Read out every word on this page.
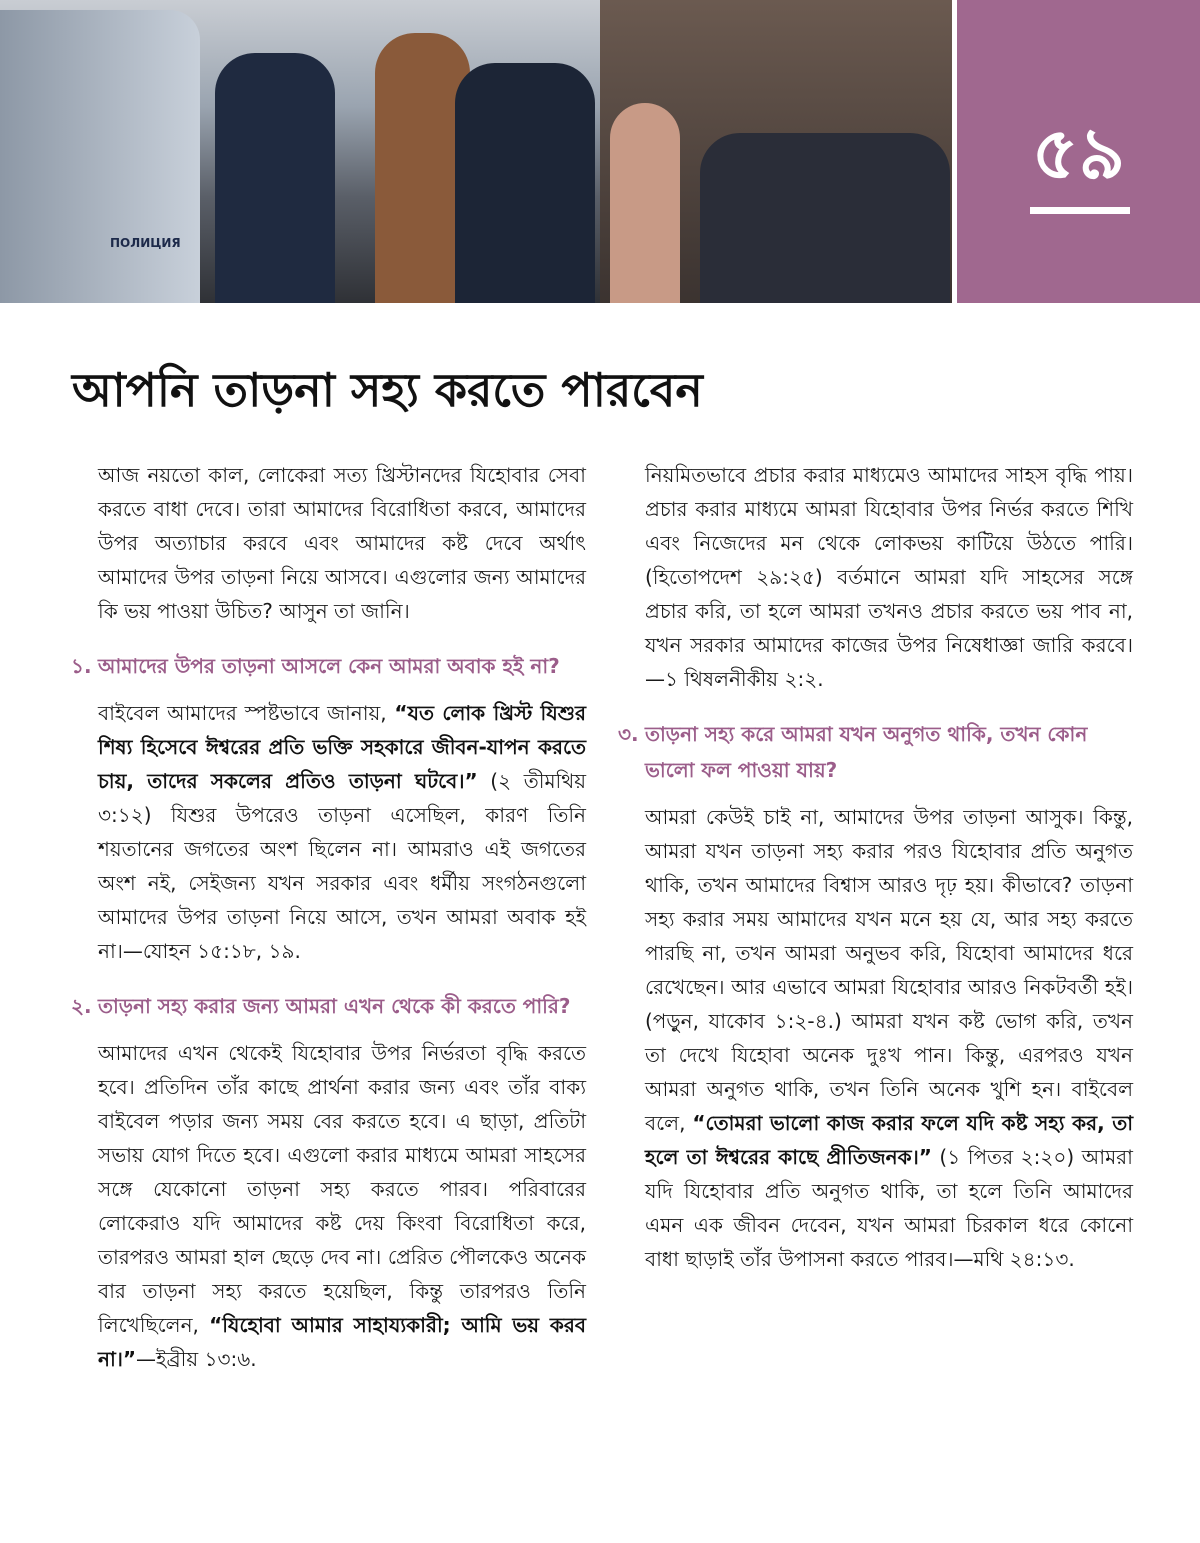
ПОЛИЦИЯ
৫৯
আপনি তাড়না সহ্য করতে পারবেন

আজ নয়তো কাল, লোকেরা সত্য খ্রিস্টানদের যিহোবার সেবা করতে বাধা দেবে। তারা আমাদের বিরোধিতা করবে, আমাদের উপর অত্যাচার করবে এবং আমাদের কষ্ট দেবে অর্থাৎ আমাদের উপর তাড়না নিয়ে আসবে। এগুলোর জন্য আমাদের কি ভয় পাওয়া উচিত? আসুন তা জানি।

১. আমাদের উপর তাড়না আসলে কেন আমরা অবাক হই না?

বাইবেল আমাদের স্পষ্টভাবে জানায়, “যত লোক খ্রিস্ট যিশুর শিষ্য হিসেবে ঈশ্বরের প্রতি ভক্তি সহকারে জীবন-যাপন করতে চায়, তাদের সকলের প্রতিও তাড়না ঘটবে।” (২ তীমথিয় ৩:১২) যিশুর উপরেও তাড়না এসেছিল, কারণ তিনি শয়তানের জগতের অংশ ছিলেন না। আমরাও এই জগতের অংশ নই, সেইজন্য যখন সরকার এবং ধর্মীয় সংগঠনগুলো আমাদের উপর তাড়না নিয়ে আসে, তখন আমরা অবাক হই না।—যোহন ১৫:১৮, ১৯.

২. তাড়না সহ্য করার জন্য আমরা এখন থেকে কী করতে পারি?

আমাদের এখন থেকেই যিহোবার উপর নির্ভরতা বৃদ্ধি করতে হবে। প্রতিদিন তাঁর কাছে প্রার্থনা করার জন্য এবং তাঁর বাক্য বাইবেল পড়ার জন্য সময় বের করতে হবে। এ ছাড়া, প্রতিটা সভায় যোগ দিতে হবে। এগুলো করার মাধ্যমে আমরা সাহসের সঙ্গে যেকোনো তাড়না সহ্য করতে পারব। পরিবারের লোকেরাও যদি আমাদের কষ্ট দেয় কিংবা বিরোধিতা করে, তারপরও আমরা হাল ছেড়ে দেব না। প্রেরিত পৌলকেও অনেক বার তাড়না সহ্য করতে হয়েছিল, কিন্তু তারপরও তিনি লিখেছিলেন, “যিহোবা আমার সাহায্যকারী; আমি ভয় করব না।”—ইব্রীয় ১৩:৬.

নিয়মিতভাবে প্রচার করার মাধ্যমেও আমাদের সাহস বৃদ্ধি পায়। প্রচার করার মাধ্যমে আমরা যিহোবার উপর নির্ভর করতে শিখি এবং নিজেদের মন থেকে লোকভয় কাটিয়ে উঠতে পারি। (হিতোপদেশ ২৯:২৫) বর্তমানে আমরা যদি সাহসের সঙ্গে প্রচার করি, তা হলে আমরা তখনও প্রচার করতে ভয় পাব না, যখন সরকার আমাদের কাজের উপর নিষেধাজ্ঞা জারি করবে।—১ থিষলনীকীয় ২:২.

৩. তাড়না সহ্য করে আমরা যখন অনুগত থাকি, তখন কোন ভালো ফল পাওয়া যায়?

আমরা কেউই চাই না, আমাদের উপর তাড়না আসুক। কিন্তু, আমরা যখন তাড়না সহ্য করার পরও যিহোবার প্রতি অনুগত থাকি, তখন আমাদের বিশ্বাস আরও দৃঢ় হয়। কীভাবে? তাড়না সহ্য করার সময় আমাদের যখন মনে হয় যে, আর সহ্য করতে পারছি না, তখন আমরা অনুভব করি, যিহোবা আমাদের ধরে রেখেছেন। আর এভাবে আমরা যিহোবার আরও নিকটবর্তী হই। (পড়ুন, যাকোব ১:২-৪.) আমরা যখন কষ্ট ভোগ করি, তখন তা দেখে যিহোবা অনেক দুঃখ পান। কিন্তু, এরপরও যখন আমরা অনুগত থাকি, তখন তিনি অনেক খুশি হন। বাইবেল বলে, “তোমরা ভালো কাজ করার ফলে যদি কষ্ট সহ্য কর, তা হলে তা ঈশ্বরের কাছে প্রীতিজনক।” (১ পিতর ২:২০) আমরা যদি যিহোবার প্রতি অনুগত থাকি, তা হলে তিনি আমাদের এমন এক জীবন দেবেন, যখন আমরা চিরকাল ধরে কোনো বাধা ছাড়াই তাঁর উপাসনা করতে পারব।—মথি ২৪:১৩.
